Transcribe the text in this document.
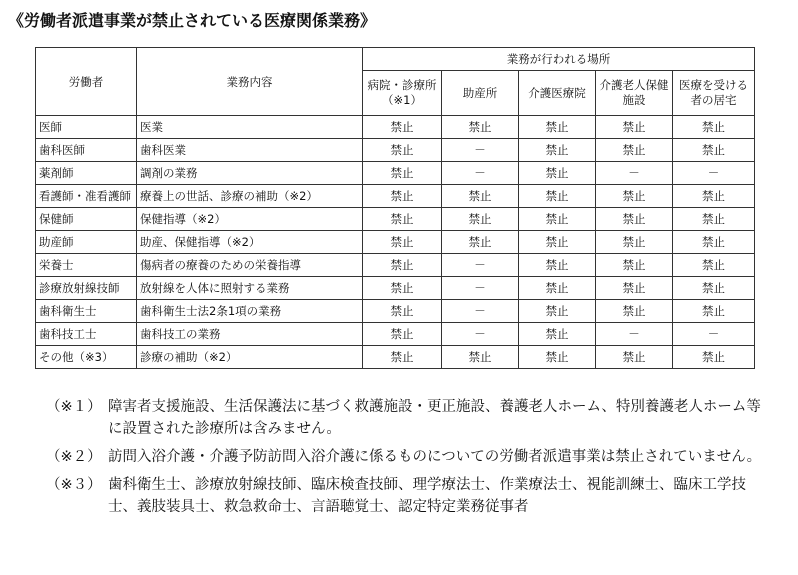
《労働者派遣事業が禁止されている医療関係業務》
労働者	業務内容	業務が行われる場所				
		病院・診療所（※1）	助産所	介護医療院	介護老人保健施設	医療を受ける者の居宅
医師	医業	禁止	禁止	禁止	禁止	禁止
歯科医師	歯科医業	禁止	－	禁止	禁止	禁止
薬剤師	調剤の業務	禁止	－	禁止	－	－
看護師・准看護師	療養上の世話、診療の補助（※2）	禁止	禁止	禁止	禁止	禁止
保健師	保健指導（※2）	禁止	禁止	禁止	禁止	禁止
助産師	助産、保健指導（※2）	禁止	禁止	禁止	禁止	禁止
栄養士	傷病者の療養のための栄養指導	禁止	－	禁止	禁止	禁止
診療放射線技師	放射線を人体に照射する業務	禁止	－	禁止	禁止	禁止
歯科衛生士	歯科衛生士法2条1項の業務	禁止	－	禁止	禁止	禁止
歯科技工士	歯科技工の業務	禁止	－	禁止	－	－
その他（※3）	診療の補助（※2）	禁止	禁止	禁止	禁止	禁止
（※１） 障害者支援施設、生活保護法に基づく救護施設・更正施設、養護老人ホーム、特別養護老人ホーム等に設置された診療所は含みません。
（※２） 訪問入浴介護・介護予防訪問入浴介護に係るものについての労働者派遣事業は禁止されていません。
（※３） 歯科衛生士、診療放射線技師、臨床検査技師、理学療法士、作業療法士、視能訓練士、臨床工学技士、義肢装具士、救急救命士、言語聴覚士、認定特定業務従事者
